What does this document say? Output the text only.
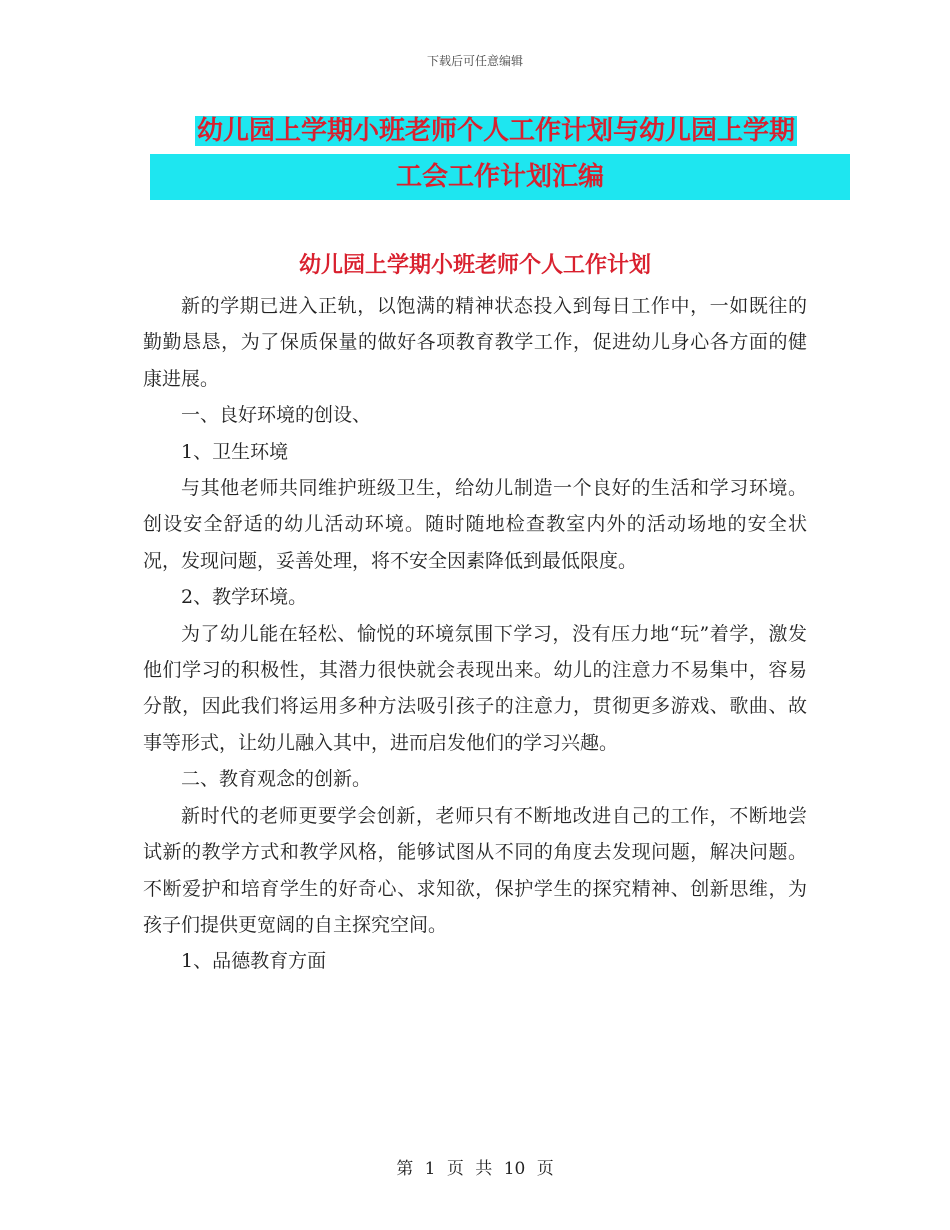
下载后可任意编辑
幼儿园上学期小班老师个人工作计划与幼儿园上学期
工会工作计划汇编
幼儿园上学期小班老师个人工作计划

新的学期已进入正轨，以饱满的精神状态投入到每日工作中，一如既往的勤勤恳恳，为了保质保量的做好各项教育教学工作，促进幼儿身心各方面的健康进展。

一、良好环境的创设、

1、卫生环境

与其他老师共同维护班级卫生，给幼儿制造一个良好的生活和学习环境。创设安全舒适的幼儿活动环境。随时随地检查教室内外的活动场地的安全状况，发现问题，妥善处理，将不安全因素降低到最低限度。

2、教学环境。

为了幼儿能在轻松、愉悦的环境氛围下学习，没有压力地“玩”着学，激发他们学习的积极性，其潜力很快就会表现出来。幼儿的注意力不易集中，容易分散，因此我们将运用多种方法吸引孩子的注意力，贯彻更多游戏、歌曲、故事等形式，让幼儿融入其中，进而启发他们的学习兴趣。

二、教育观念的创新。

新时代的老师更要学会创新，老师只有不断地改进自己的工作，不断地尝试新的教学方式和教学风格，能够试图从不同的角度去发现问题，解决问题。不断爱护和培育学生的好奇心、求知欲，保护学生的探究精神、创新思维，为孩子们提供更宽阔的自主探究空间。

1、品德教育方面

第 1 页 共 10 页
